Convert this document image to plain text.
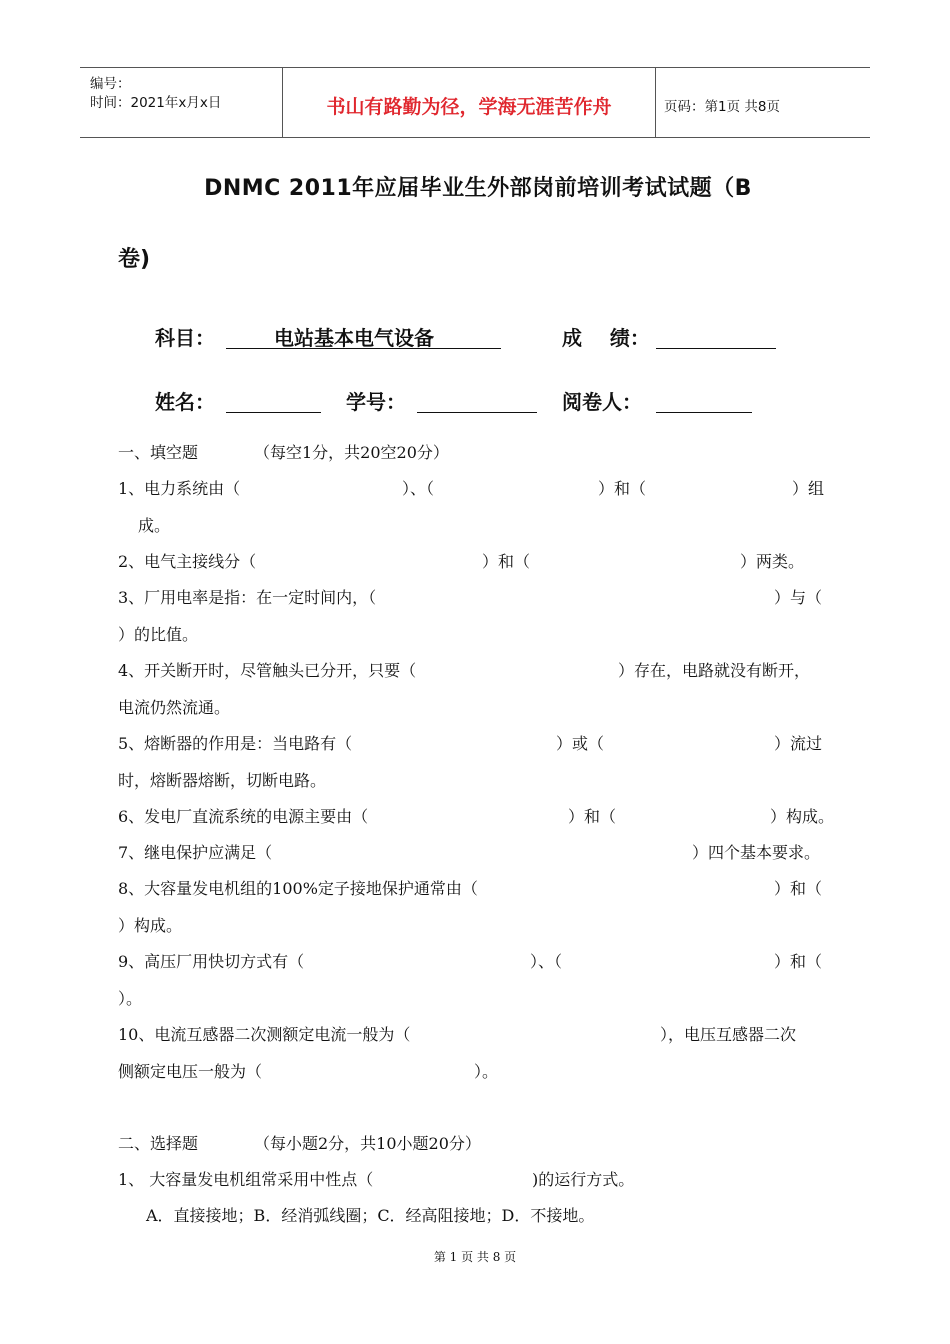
编号：
时间：2021年x月x日	书山有路勤为径，学海无涯苦作舟	页码：第1页 共8页
DNMC 2011年应届毕业生外部岗前培训考试试题（B
卷)
科目：	电站基本电气设备	成    绩：
姓名：	学号：	阅卷人：
一、填空题	（每空1分，共20空20分）
1、电力系统由（	）、（	）和（	）组
成。
2、电气主接线分（	）和（	）两类。
3、厂用电率是指：在一定时间内，（	）与（
）的比值。
4、开关断开时，尽管触头已分开，只要（	）存在，电路就没有断开，
电流仍然流通。
5、熔断器的作用是：当电路有（	）或（	）流过
时，熔断器熔断，切断电路。
6、发电厂直流系统的电源主要由（	）和（	）构成。
7、继电保护应满足（	）四个基本要求。
8、大容量发电机组的100%定子接地保护通常由（	）和（
）构成。
9、高压厂用快切方式有（	）、（	）和（
）。
10、电流互感器二次测额定电流一般为（	），电压互感器二次
侧额定电压一般为（	）。
二、选择题	（每小题2分，共10小题20分）
1、 大容量发电机组常采用中性点（	)的运行方式。
A．直接接地；B．经消弧线圈；C．经高阻接地；D．不接地。
第 1 页 共 8 页
